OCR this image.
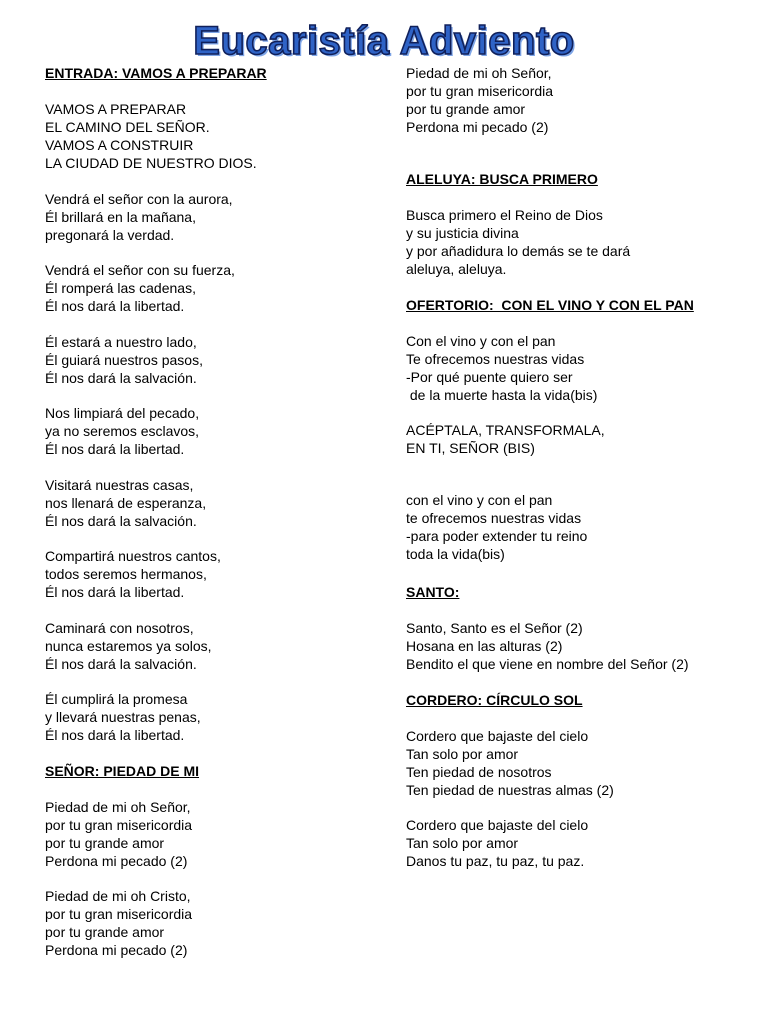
Eucaristía Adviento
ENTRADA: VAMOS A PREPARAR
VAMOS A PREPARAR
EL CAMINO DEL SEÑOR.
VAMOS A CONSTRUIR
LA CIUDAD DE NUESTRO DIOS.
Vendrá el señor con la aurora,
Él brillará en la mañana,
pregonará la verdad.
Vendrá el señor con su fuerza,
Él romperá las cadenas,
Él nos dará la libertad.
Él estará a nuestro lado,
Él guiará nuestros pasos,
Él nos dará la salvación.
Nos limpiará del pecado,
ya no seremos esclavos,
Él nos dará la libertad.
Visitará nuestras casas,
nos llenará de esperanza,
Él nos dará la salvación.
Compartirá nuestros cantos,
todos seremos hermanos,
Él nos dará la libertad.
Caminará con nosotros,
nunca estaremos ya solos,
Él nos dará la salvación.
Él cumplirá la promesa
y llevará nuestras penas,
Él nos dará la libertad.
SEÑOR: PIEDAD DE MI
Piedad de mi oh Señor,
por tu gran misericordia
por tu grande amor
Perdona mi pecado (2)
Piedad de mi oh Cristo,
por tu gran misericordia
por tu grande amor
Perdona mi pecado (2)
Piedad de mi oh Señor,
por tu gran misericordia
por tu grande amor
Perdona mi pecado (2)
ALELUYA: BUSCA PRIMERO
Busca primero el Reino de Dios
y su justicia divina
y por añadidura lo demás se te dará
aleluya, aleluya.
OFERTORIO:  CON EL VINO Y CON EL PAN
Con el vino y con el pan
Te ofrecemos nuestras vidas
-Por qué puente quiero ser
de la muerte hasta la vida(bis)
ACÉPTALA, TRANSFORMALA,
EN TI, SEÑOR (BIS)
con el vino y con el pan
te ofrecemos nuestras vidas
-para poder extender tu reino
toda la vida(bis)
SANTO:
Santo, Santo es el Señor (2)
Hosana en las alturas (2)
Bendito el que viene en nombre del Señor (2)
CORDERO: CÍRCULO SOL
Cordero que bajaste del cielo
Tan solo por amor
Ten piedad de nosotros
Ten piedad de nuestras almas (2)
Cordero que bajaste del cielo
Tan solo por amor
Danos tu paz, tu paz, tu paz.
